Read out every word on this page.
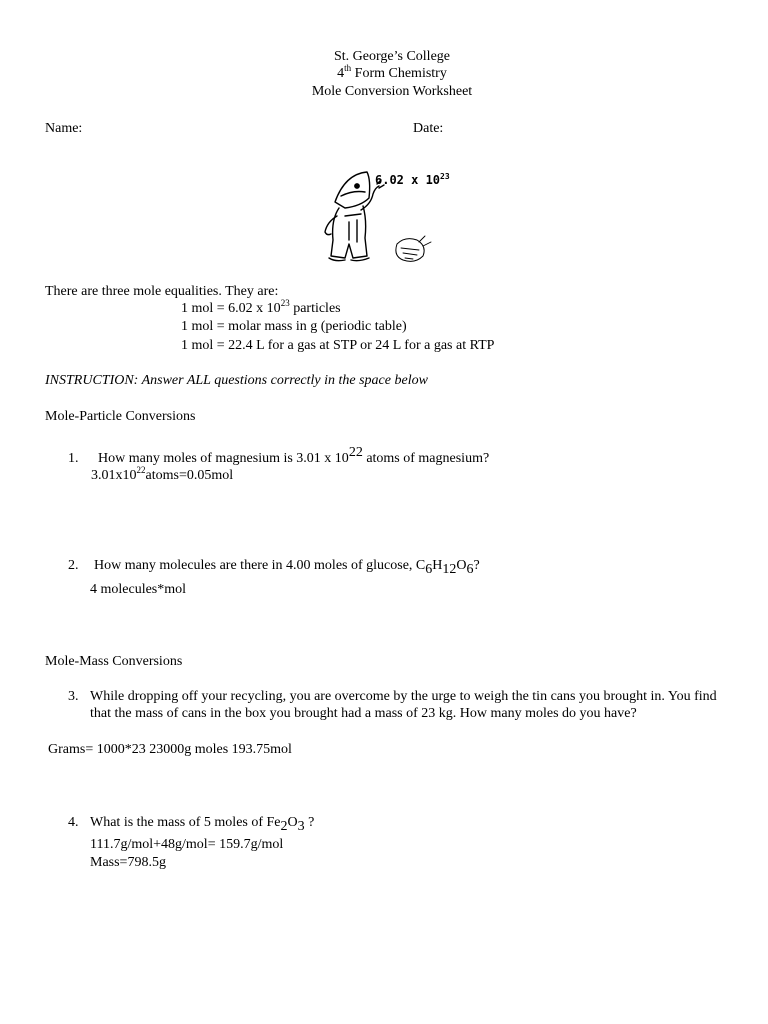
St. George’s College
4th Form Chemistry
Mole Conversion Worksheet
Name:	Date:
6.02 x $10^{23}$
There are three mole equalities. They are:
1 mol = 6.02 x $10^{23}$ particles
1 mol = molar mass in g (periodic table)
1 mol = 22.4 L for a gas at STP or 24 L for a gas at RTP
INSTRUCTION: Answer ALL questions correctly in the space below
Mole-Particle Conversions
1. How many moles of magnesium is 3.01 x 1022 atoms of magnesium?
$3.01x10^{22}atoms=0.05mol$
2. How many molecules are there in 4.00 moles of glucose, C6H12O6?
4 molecules*mol
Mole-Mass Conversions
3. While dropping off your recycling, you are overcome by the urge to weigh the tin cans you brought in. You find that the mass of cans in the box you brought had a mass of 23 kg. How many moles do you have?
Grams= 1000*23 23000g moles 193.75mol
4. What is the mass of 5 moles of Fe2O3 ?
111.7g/mol+48g/mol= 159.7g/mol
Mass=798.5g
